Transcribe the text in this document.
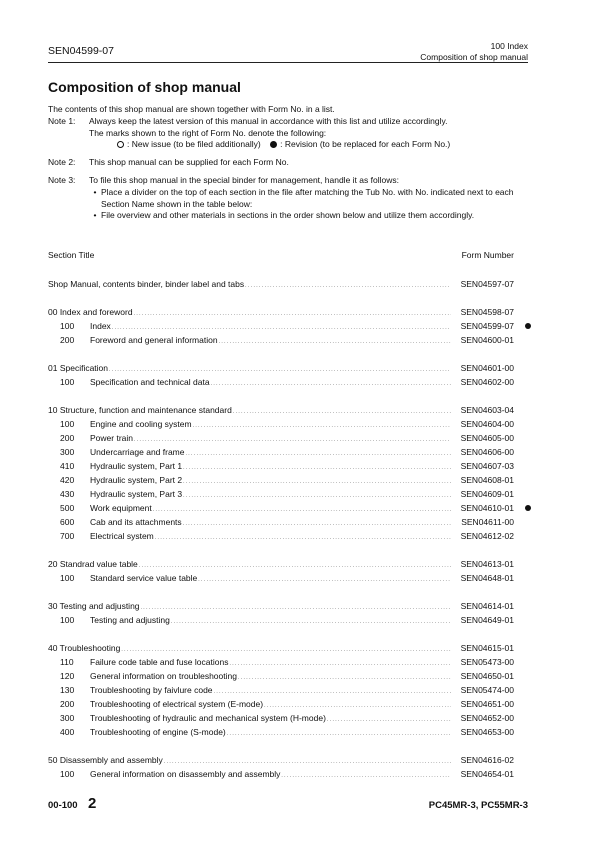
SEN04599-07	100 Index
Composition of shop manual
Composition of shop manual

The contents of this shop manual are shown together with Form No. in a list.

Note 1:	Always keep the latest version of this manual in accordance with this list and utilize accordingly.
The marks shown to the right of Form No. denote the following:
: New issue (to be filed additionally) : Revision (to be replaced for each Form No.)
Note 2:	This shop manual can be supplied for each Form No.
Note 3:	To file this shop manual in the special binder for management, handle it as follows:
• Place a divider on the top of each section in the file after matching the Tub No. with No. indicated next to each Section Name shown in the table below:
• File overview and other materials in sections in the order shown below and utilize them accordingly.
Section Title	Form Number
Shop Manual, contents binder, binder label and tabs . . .	SEN04597-07
00 Index and foreword . . .	SEN04598-07
100	Index . . .	SEN04599-07
200	Foreword and general information . . .	SEN04600-01
01 Specification . . .	SEN04601-00
100	Specification and technical data . . .	SEN04602-00
10 Structure, function and maintenance standard . . .	SEN04603-04
100	Engine and cooling system . . .	SEN04604-00
200	Power train . . .	SEN04605-00
300	Undercarriage and frame . . .	SEN04606-00
410	Hydraulic system, Part 1 . . .	SEN04607-03
420	Hydraulic system, Part 2 . . .	SEN04608-01
430	Hydraulic system, Part 3 . . .	SEN04609-01
500	Work equipment . . .	SEN04610-01
600	Cab and its attachments . . .	SEN04611-00
700	Electrical system . . .	SEN04612-02
20 Standrad value table . . .	SEN04613-01
100	Standard service value table . . .	SEN04648-01
30 Testing and adjusting . . .	SEN04614-01
100	Testing and adjusting . . .	SEN04649-01
40 Troubleshooting . . .	SEN04615-01
110	Failure code table and fuse locations . . .	SEN05473-00
120	General information on troubleshooting . . .	SEN04650-01
130	Troubleshooting by faivlure code . . .	SEN05474-00
200	Troubleshooting of electrical system (E-mode) . . .	SEN04651-00
300	Troubleshooting of hydraulic and mechanical system (H-mode) . . .	SEN04652-00
400	Troubleshooting of engine (S-mode) . . .	SEN04653-00
50 Disassembly and assembly . . .	SEN04616-02
100	General information on disassembly and assembly . . .	SEN04654-01
00-100 2	PC45MR-3, PC55MR-3
